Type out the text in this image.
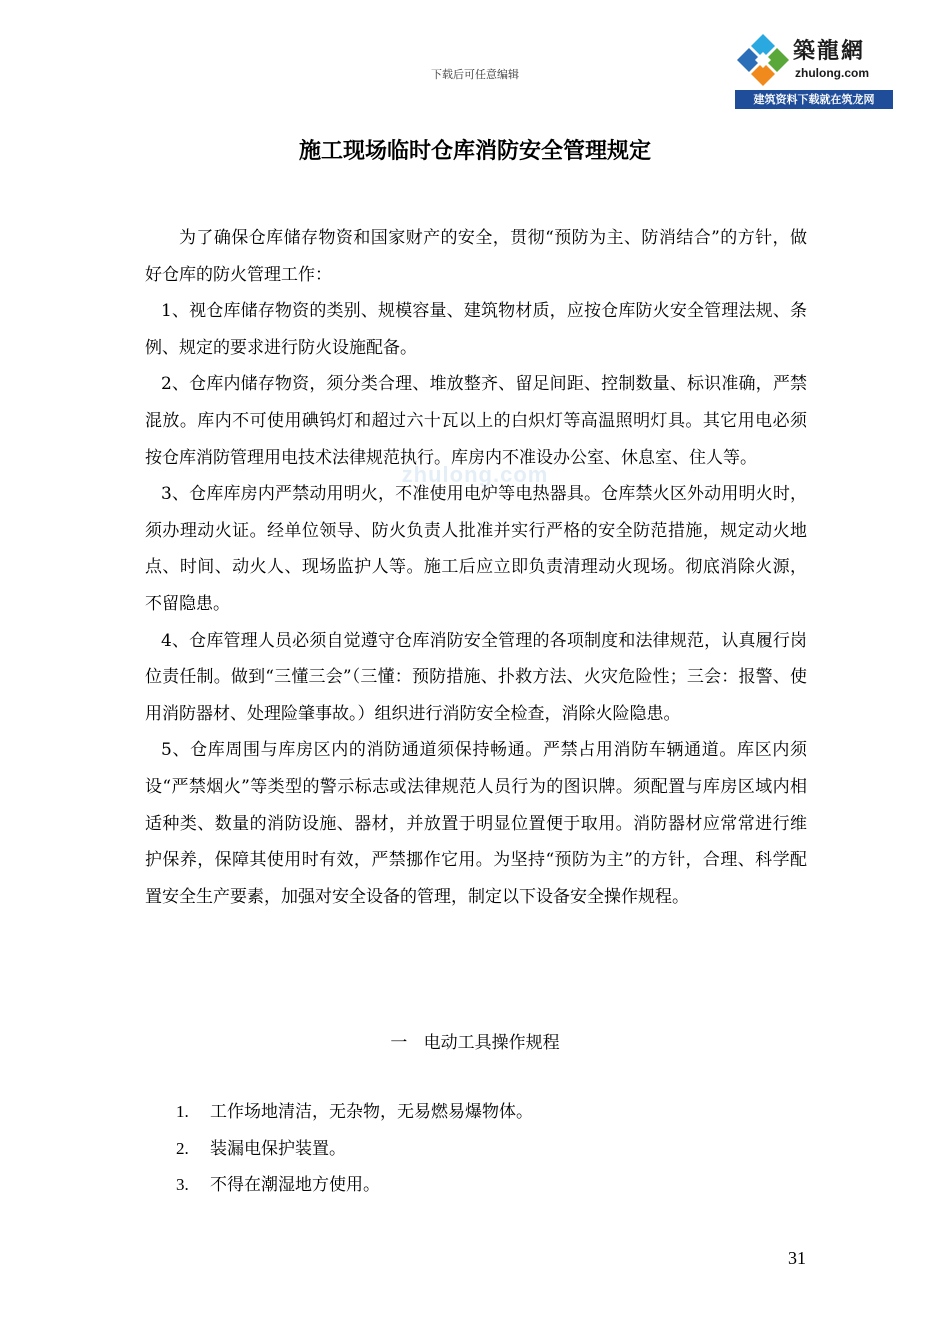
下载后可任意编辑
築龍網
zhulong.com
建筑资料下载就在筑龙网
zhulong.com
施工现场临时仓库消防安全管理规定

为了确保仓库储存物资和国家财产的安全，贯彻“预防为主、防消结合”的方针，做好仓库的防火管理工作：

1、视仓库储存物资的类别、规模容量、建筑物材质，应按仓库防火安全管理法规、条例、规定的要求进行防火设施配备。

2、仓库内储存物资，须分类合理、堆放整齐、留足间距、控制数量、标识准确，严禁混放。库内不可使用碘钨灯和超过六十瓦以上的白炽灯等高温照明灯具。其它用电必须按仓库消防管理用电技术法律规范执行。库房内不准设办公室、休息室、住人等。

3、仓库库房内严禁动用明火，不准使用电炉等电热器具。仓库禁火区外动用明火时，须办理动火证。经单位领导、防火负责人批准并实行严格的安全防范措施，规定动火地点、时间、动火人、现场监护人等。施工后应立即负责清理动火现场。彻底消除火源，不留隐患。

4、仓库管理人员必须自觉遵守仓库消防安全管理的各项制度和法律规范，认真履行岗位责任制。做到“三懂三会”（三懂：预防措施、扑救方法、火灾危险性；三会：报警、使用消防器材、处理险肇事故。）组织进行消防安全检查，消除火险隐患。

5、仓库周围与库房区内的消防通道须保持畅通。严禁占用消防车辆通道。库区内须设“严禁烟火”等类型的警示标志或法律规范人员行为的图识牌。须配置与库房区域内相适种类、数量的消防设施、器材，并放置于明显位置便于取用。消防器材应常常进行维护保养，保障其使用时有效，严禁挪作它用。为坚持“预防为主”的方针，合理、科学配置安全生产要素，加强对安全设备的管理，制定以下设备安全操作规程。

一   电动工具操作规程
1. 工作场地清洁，无杂物，无易燃易爆物体。
2. 装漏电保护装置。
3. 不得在潮湿地方使用。
31
